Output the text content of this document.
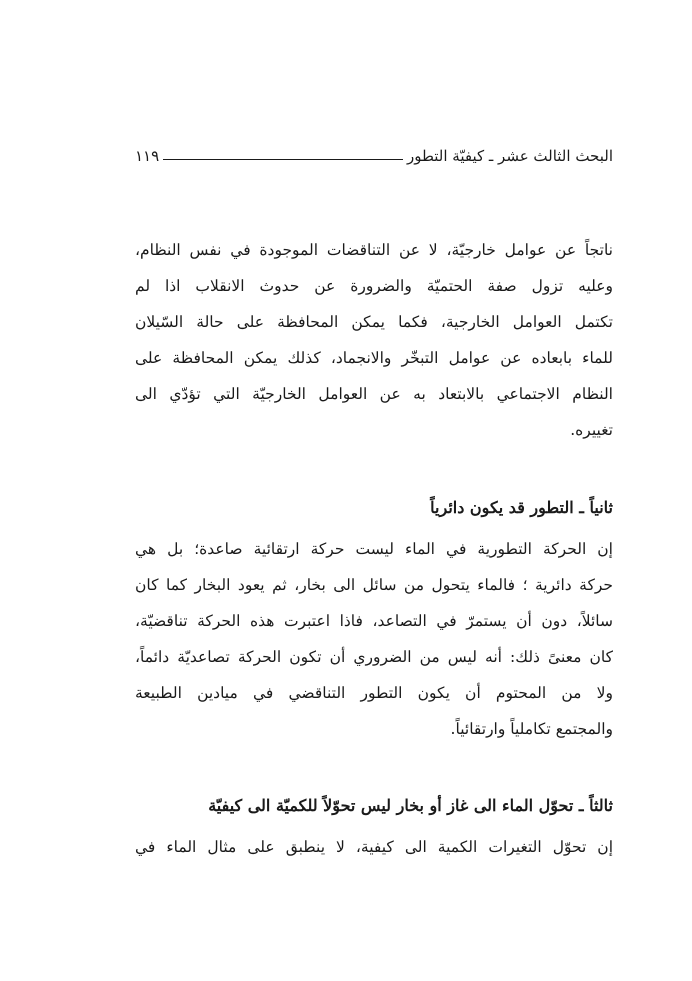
البحث الثالث عشر ـ كيفيّة التطور
١١٩
ناتجاً عن عوامل خارجيّة، لا عن التناقضات الموجودة في نفس النظام،
وعليه تزول صفة الحتميّة والضرورة عن حدوث الانقلاب اذا لم
تكتمل العوامل الخارجية، فكما يمكن المحافظة على حالة السّيلان
للماء بابعاده عن عوامل التبخّر والانجماد، كذلك يمكن المحافظة على
النظام الاجتماعي بالابتعاد به عن العوامل الخارجيّة التي تؤدّي الى
تغييره.
ثانياً ـ التطور قد يكون دائرياً
إن الحركة التطورية في الماء ليست حركة ارتقائية صاعدة؛ بل هي
حركة دائرية ؛ فالماء يتحول من سائل الى بخار، ثم يعود البخار كما كان
سائلاً، دون أن يستمرّ في التصاعد، فاذا اعتبرت هذه الحركة تناقضيّة،
كان معنىً ذلك: أنه ليس من الضروري أن تكون الحركة تصاعديّة دائماً،
ولا من المحتوم أن يكون التطور التناقضي في ميادين الطبيعة
والمجتمع تكاملياً وارتقائياً.
ثالثاً ـ تحوّل الماء الى غاز أو بخار ليس تحوّلاً للكميّة الى كيفيّة
إن تحوّل التغيرات الكمية الى كيفية، لا ينطبق على مثال الماء في
